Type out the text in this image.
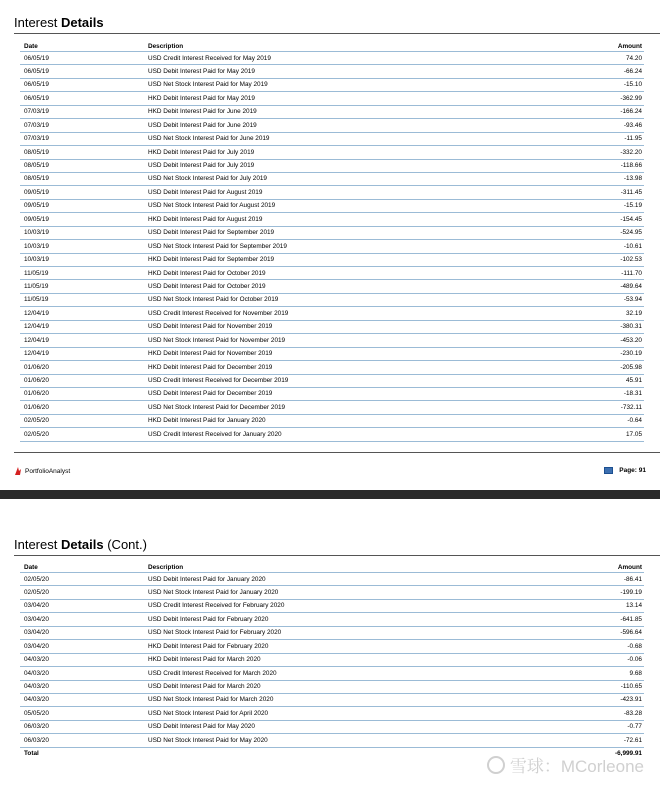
Interest Details
Date	Description	Amount
06/05/19	USD Credit Interest Received for May 2019	74.20
06/05/19	USD Debit Interest Paid for May 2019	-66.24
06/05/19	USD Net Stock Interest Paid for May 2019	-15.10
06/05/19	HKD Debit Interest Paid for May 2019	-362.99
07/03/19	HKD Debit Interest Paid for June 2019	-166.24
07/03/19	USD Debit Interest Paid for June 2019	-93.46
07/03/19	USD Net Stock Interest Paid for June 2019	-11.95
08/05/19	HKD Debit Interest Paid for July 2019	-332.20
08/05/19	USD Debit Interest Paid for July 2019	-118.66
08/05/19	USD Net Stock Interest Paid for July 2019	-13.98
09/05/19	USD Debit Interest Paid for August 2019	-311.45
09/05/19	USD Net Stock Interest Paid for August 2019	-15.19
09/05/19	HKD Debit Interest Paid for August 2019	-154.45
10/03/19	USD Debit Interest Paid for September 2019	-524.95
10/03/19	USD Net Stock Interest Paid for September 2019	-10.61
10/03/19	HKD Debit Interest Paid for September 2019	-102.53
11/05/19	HKD Debit Interest Paid for October 2019	-111.70
11/05/19	USD Debit Interest Paid for October 2019	-489.64
11/05/19	USD Net Stock Interest Paid for October 2019	-53.94
12/04/19	USD Credit Interest Received for November 2019	32.19
12/04/19	USD Debit Interest Paid for November 2019	-380.31
12/04/19	USD Net Stock Interest Paid for November 2019	-453.20
12/04/19	HKD Debit Interest Paid for November 2019	-230.19
01/06/20	HKD Debit Interest Paid for December 2019	-205.98
01/06/20	USD Credit Interest Received for December 2019	45.91
01/06/20	USD Debit Interest Paid for December 2019	-18.31
01/06/20	USD Net Stock Interest Paid for December 2019	-732.11
02/05/20	HKD Debit Interest Paid for January 2020	-0.64
02/05/20	USD Credit Interest Received for January 2020	17.05
PortfolioAnalyst	Page: 91
Interest Details (Cont.)
Date	Description	Amount
02/05/20	USD Debit Interest Paid for January 2020	-86.41
02/05/20	USD Net Stock Interest Paid for January 2020	-199.19
03/04/20	USD Credit Interest Received for February 2020	13.14
03/04/20	USD Debit Interest Paid for February 2020	-641.85
03/04/20	USD Net Stock Interest Paid for February 2020	-596.64
03/04/20	HKD Debit Interest Paid for February 2020	-0.68
04/03/20	HKD Debit Interest Paid for March 2020	-0.06
04/03/20	USD Credit Interest Received for March 2020	9.68
04/03/20	USD Debit Interest Paid for March 2020	-110.65
04/03/20	USD Net Stock Interest Paid for March 2020	-423.91
05/05/20	USD Net Stock Interest Paid for April 2020	-83.28
06/03/20	USD Debit Interest Paid for May 2020	-0.77
06/03/20	USD Net Stock Interest Paid for May 2020	-72.61
Total	-6,999.91
雪球：MCorleone
